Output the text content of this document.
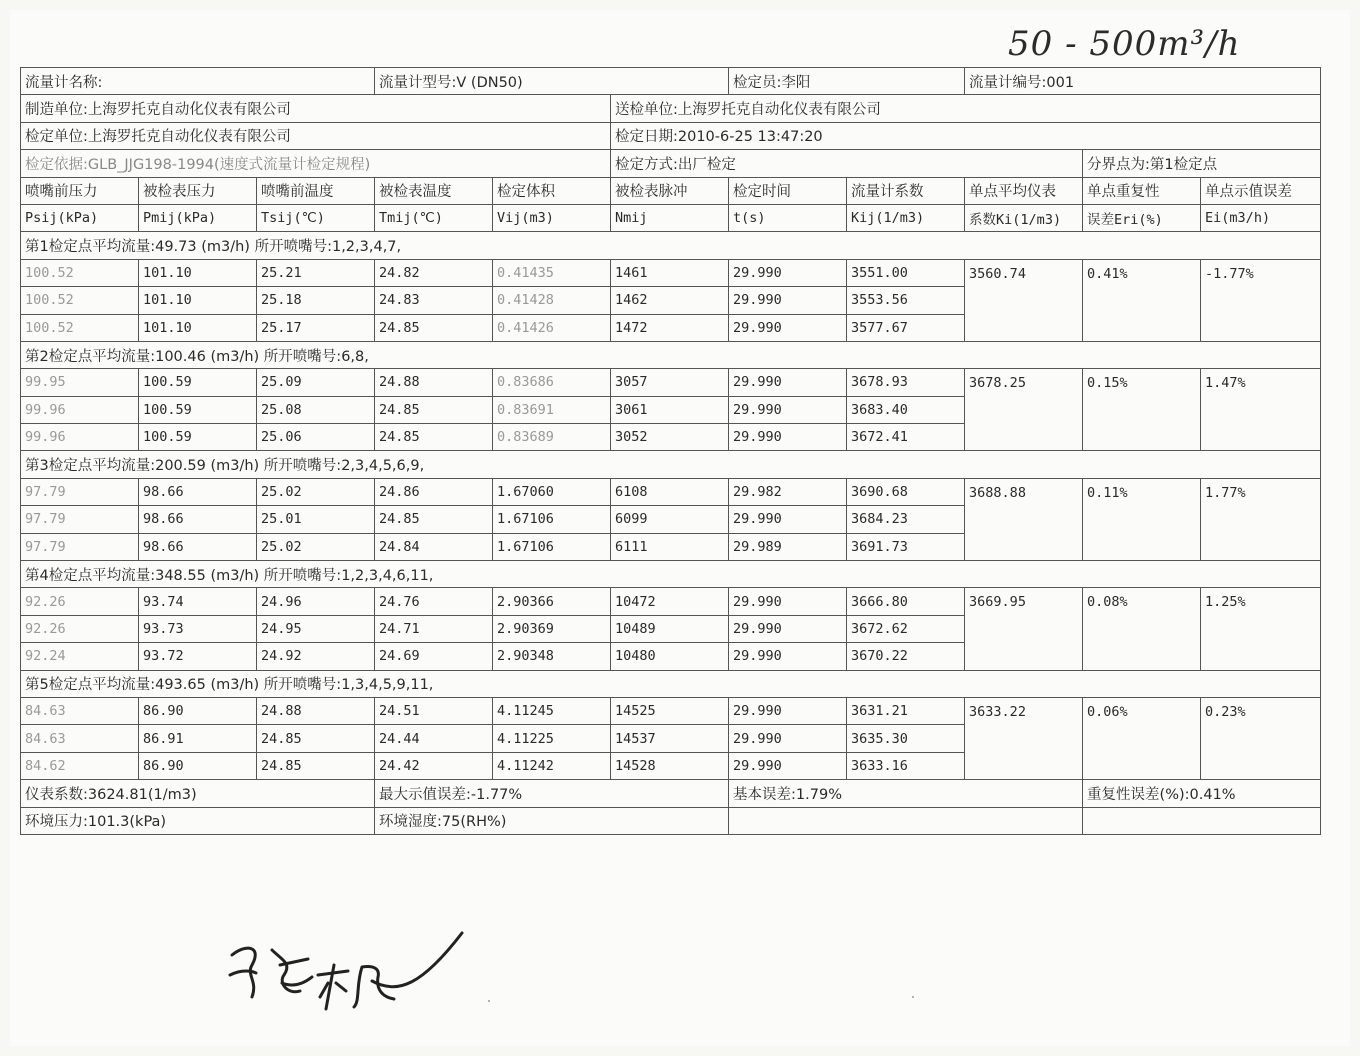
50 - 500m³/h
流量计名称:			流量计型号:V (DN50)			检定员:李阳		流量计编号:001		
制造单位:上海罗托克自动化仪表有限公司					送检单位:上海罗托克自动化仪表有限公司					
检定单位:上海罗托克自动化仪表有限公司					检定日期:2010-6-25 13:47:20					
检定依据:GLB_JJG198-1994(速度式流量计检定规程)					检定方式:出厂检定				分界点为:第1检定点	
喷嘴前压力	被检表压力	喷嘴前温度	被检表温度	检定体积	被检表脉冲	检定时间	流量计系数	单点平均仪表	单点重复性	单点示值误差
Psij(kPa)	Pmij(kPa)	Tsij(℃)	Tmij(℃)	Vij(m3)	Nmij	t(s)	Kij(1/m3)	系数Ki(1/m3)	误差Eri(%)	Ei(m3/h)
第1检定点平均流量:49.73 (m3/h) 所开喷嘴号:1,2,3,4,7,										
100.52	101.10	25.21	24.82	0.41435	1461	29.990	3551.00	3560.74	0.41%	-1.77%
100.52	101.10	25.18	24.83	0.41428	1462	29.990	3553.56			
100.52	101.10	25.17	24.85	0.41426	1472	29.990	3577.67			
第2检定点平均流量:100.46 (m3/h) 所开喷嘴号:6,8,										
99.95	100.59	25.09	24.88	0.83686	3057	29.990	3678.93	3678.25	0.15%	1.47%
99.96	100.59	25.08	24.85	0.83691	3061	29.990	3683.40			
99.96	100.59	25.06	24.85	0.83689	3052	29.990	3672.41			
第3检定点平均流量:200.59 (m3/h) 所开喷嘴号:2,3,4,5,6,9,										
97.79	98.66	25.02	24.86	1.67060	6108	29.982	3690.68	3688.88	0.11%	1.77%
97.79	98.66	25.01	24.85	1.67106	6099	29.990	3684.23			
97.79	98.66	25.02	24.84	1.67106	6111	29.989	3691.73			
第4检定点平均流量:348.55 (m3/h) 所开喷嘴号:1,2,3,4,6,11,										
92.26	93.74	24.96	24.76	2.90366	10472	29.990	3666.80	3669.95	0.08%	1.25%
92.26	93.73	24.95	24.71	2.90369	10489	29.990	3672.62			
92.24	93.72	24.92	24.69	2.90348	10480	29.990	3670.22			
第5检定点平均流量:493.65 (m3/h) 所开喷嘴号:1,3,4,5,9,11,										
84.63	86.90	24.88	24.51	4.11245	14525	29.990	3631.21	3633.22	0.06%	0.23%
84.63	86.91	24.85	24.44	4.11225	14537	29.990	3635.30			
84.62	86.90	24.85	24.42	4.11242	14528	29.990	3633.16			
仪表系数:3624.81(1/m3)			最大示值误差:-1.77%			基本误差:1.79%			重复性误差(%):0.41%	
环境压力:101.3(kPa)			环境湿度:75(RH%)							
